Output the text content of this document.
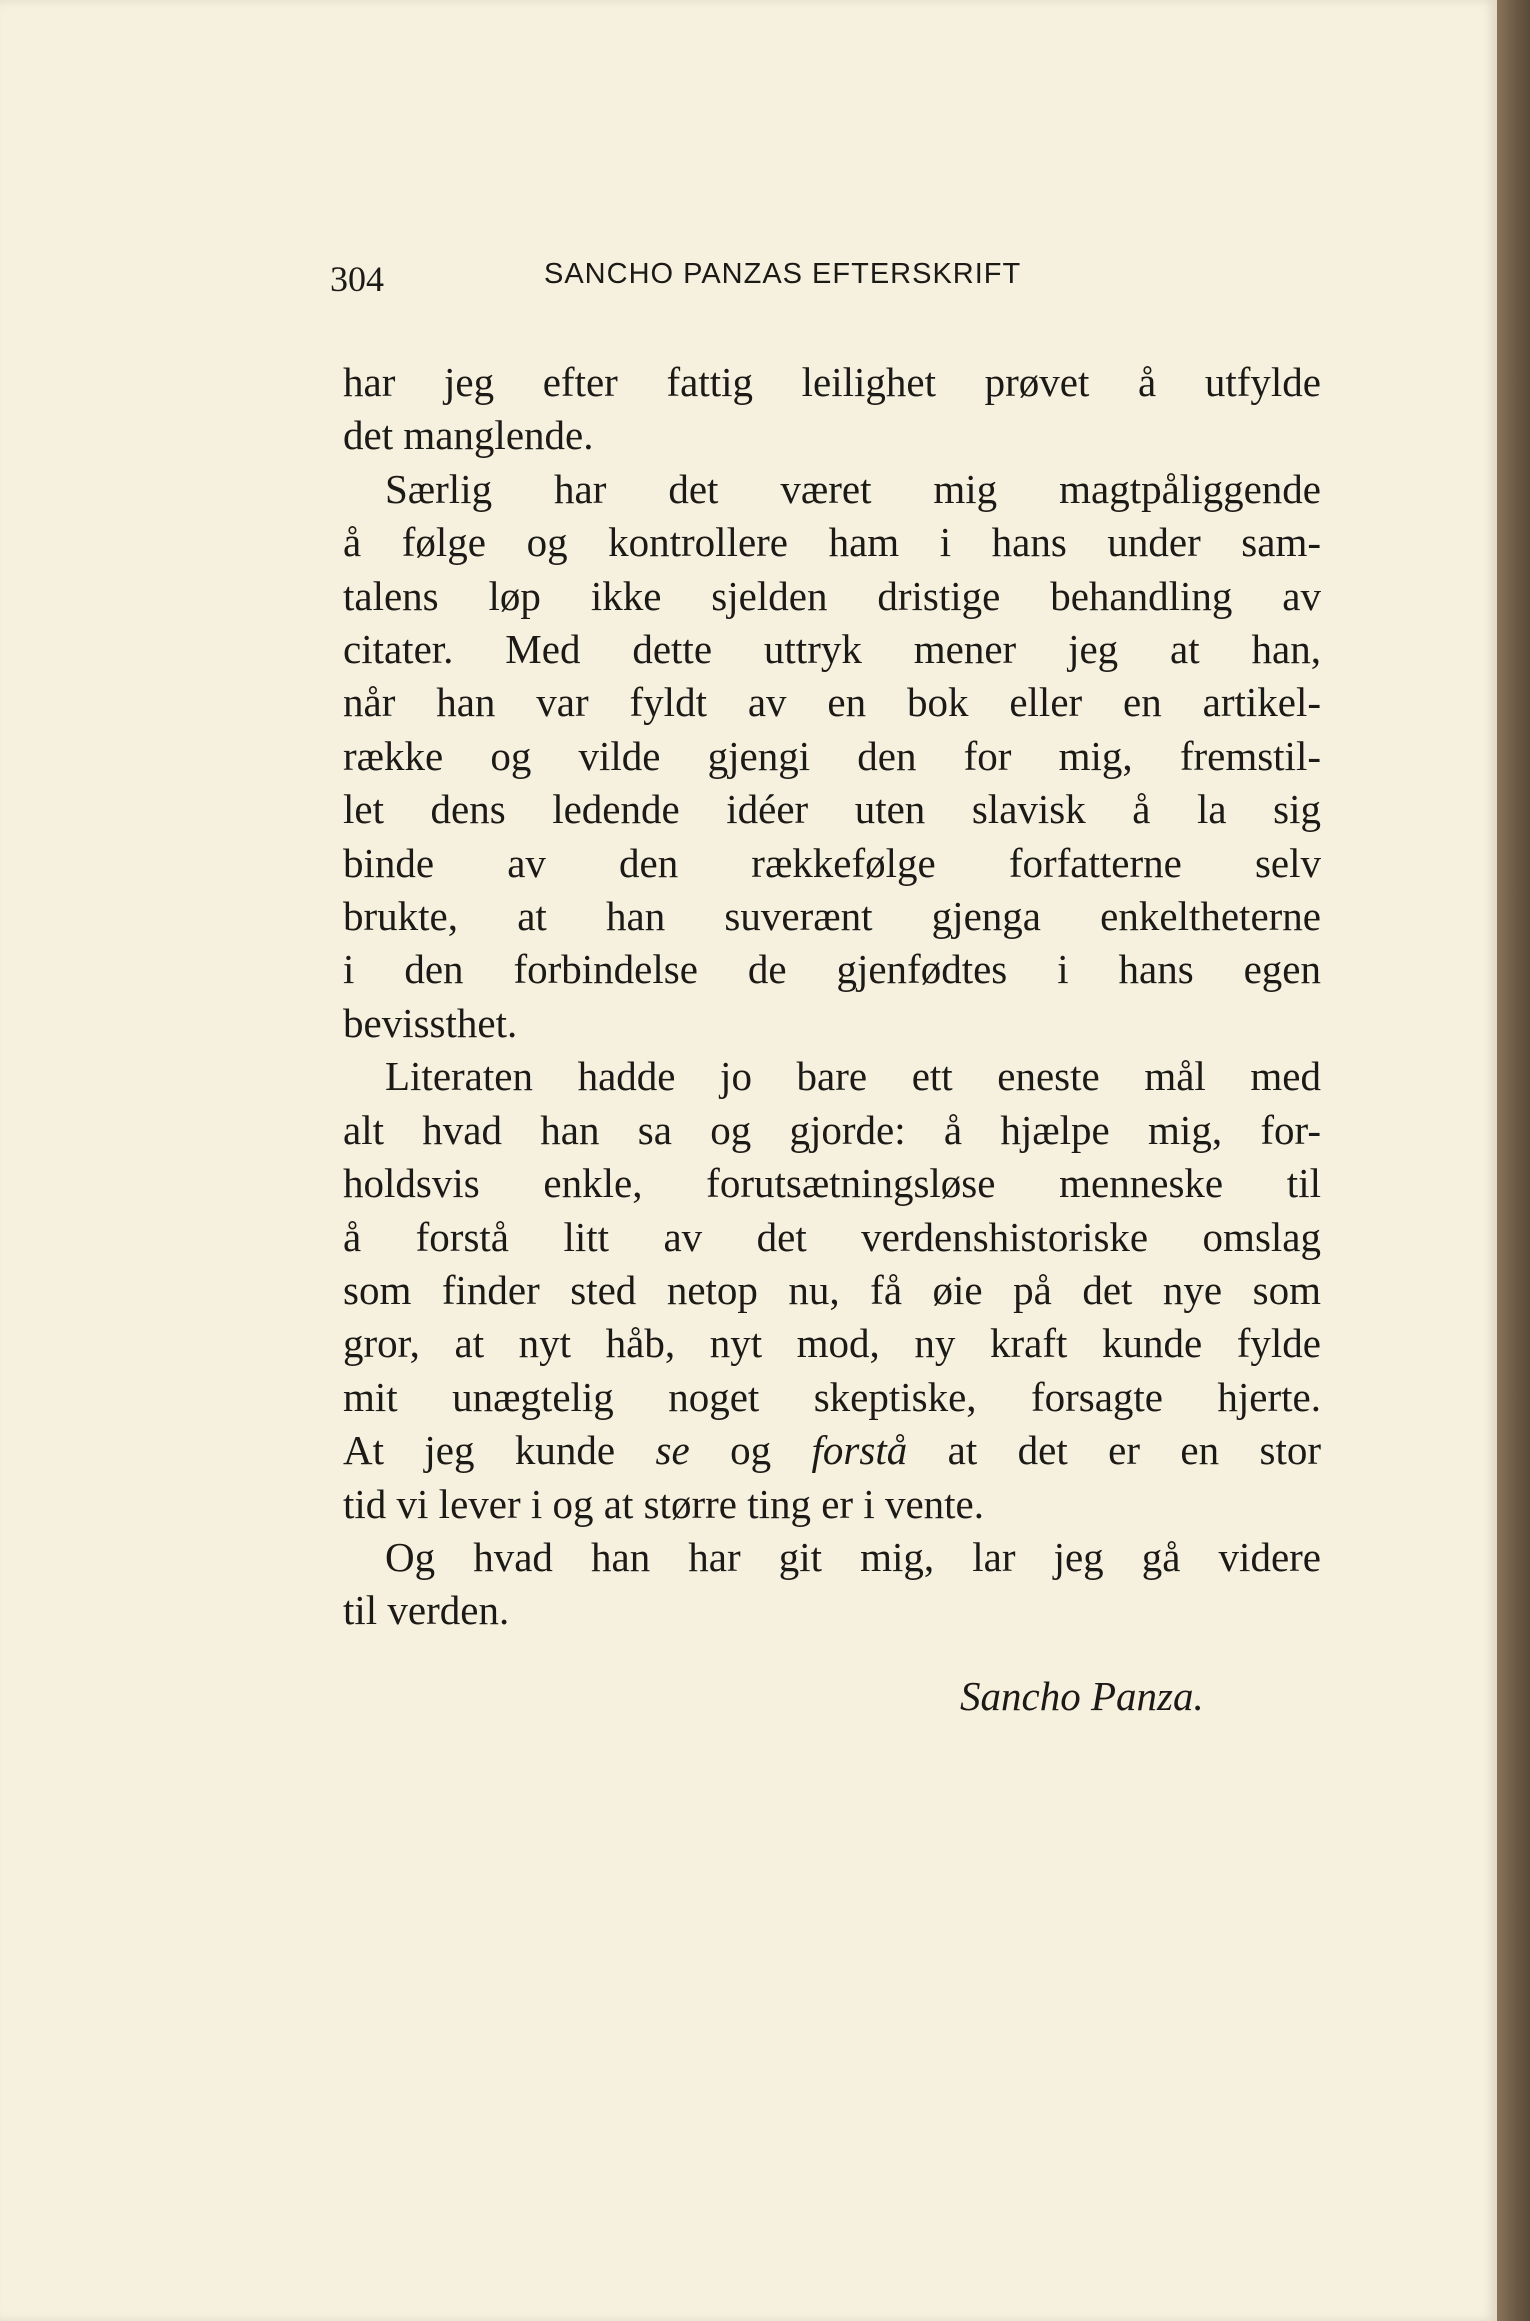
304	SANCHO PANZAS EFTERSKRIFT

har jeg efter fattig leilighet prøvet å utfylde
det manglende.

Særlig har det været mig magtpåliggende
å følge og kontrollere ham i hans under sam-
talens løp ikke sjelden dristige behandling av
citater. Med dette uttryk mener jeg at han,
når han var fyldt av en bok eller en artikel-
række og vilde gjengi den for mig, fremstil-
let dens ledende idéer uten slavisk å la sig
binde av den rækkefølge forfatterne selv
brukte, at han suverænt gjenga enkeltheterne
i den forbindelse de gjenfødtes i hans egen
bevissthet.

Literaten hadde jo bare ett eneste mål med
alt hvad han sa og gjorde: å hjælpe mig, for-
holdsvis enkle, forutsætningsløse menneske til
å forstå litt av det verdenshistoriske omslag
som finder sted netop nu, få øie på det nye som
gror, at nyt håb, nyt mod, ny kraft kunde fylde
mit unægtelig noget skeptiske, forsagte hjerte.
At jeg kunde se og forstå at det er en stor
tid vi lever i og at større ting er i vente.

Og hvad han har git mig, lar jeg gå videre
til verden.

Sancho Panza.
